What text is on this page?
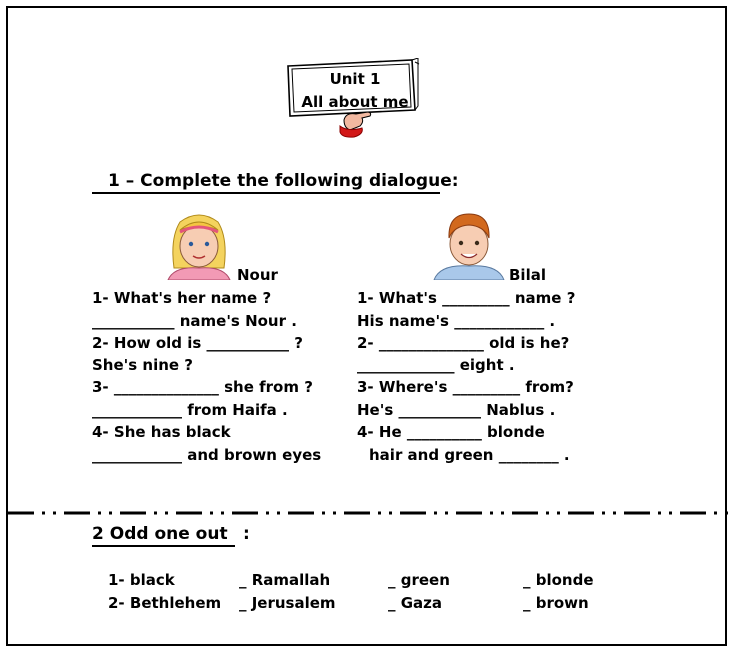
Unit 1
All about me
1 – Complete the following dialogue:
Nour	Bilal
1- What's her name ?
___________ name's Nour .
2- How old is ___________ ?
She's nine ?
3- ______________ she from ?
____________ from Haifa .
4- She has black
____________ and brown eyes
1- What's _________ name ?
His name's ____________ .
2- ______________ old is he?
_____________ eight .
3- Where's _________ from?
He's ___________ Nablus .
4- He __________ blonde
hair and green ________ .
2 Odd one out :
1- black	_ Ramallah	_ green	_ blonde
2- Bethlehem _ Jerusalem	_ Gaza	_ brown
